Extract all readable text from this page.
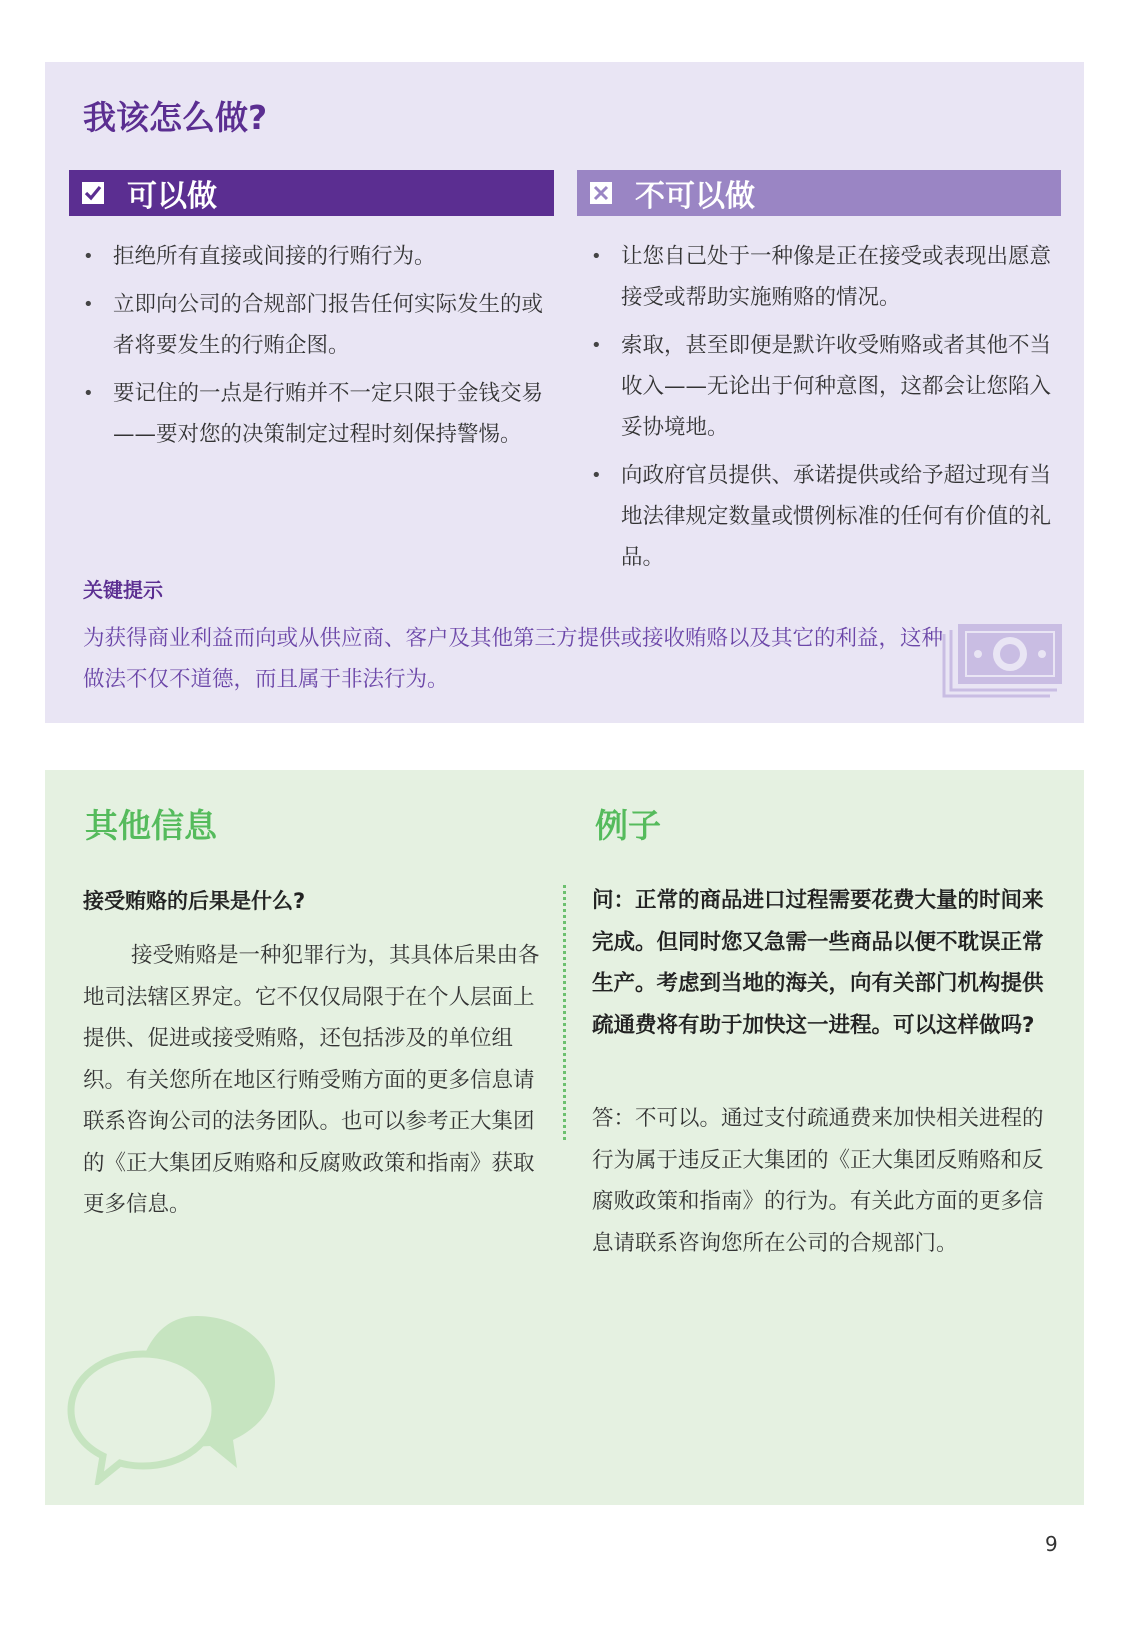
我该怎么做?
可以做	不可以做
• 拒绝所有直接或间接的行贿行为。
• 立即向公司的合规部门报告任何实际发生的或者将要发生的行贿企图。
• 要记住的一点是行贿并不一定只限于金钱交易——要对您的决策制定过程时刻保持警惕。
• 让您自己处于一种像是正在接受或表现出愿意接受或帮助实施贿赂的情况。
• 索取，甚至即便是默许收受贿赂或者其他不当收入——无论出于何种意图，这都会让您陷入妥协境地。
• 向政府官员提供、承诺提供或给予超过现有当地法律规定数量或惯例标准的任何有价值的礼品。
关键提示

为获得商业利益而向或从供应商、客户及其他第三方提供或接收贿赂以及其它的利益，这种做法不仅不道德，而且属于非法行为。

其他信息	例子
接受贿赂的后果是什么?

接受贿赂是一种犯罪行为，其具体后果由各地司法辖区界定。它不仅仅局限于在个人层面上提供、促进或接受贿赂，还包括涉及的单位组织。有关您所在地区行贿受贿方面的更多信息请联系咨询公司的法务团队。也可以参考正大集团的《正大集团反贿赂和反腐败政策和指南》获取更多信息。

问：正常的商品进口过程需要花费大量的时间来完成。但同时您又急需一些商品以便不耽误正常生产。考虑到当地的海关，向有关部门机构提供疏通费将有助于加快这一进程。可以这样做吗?

答：不可以。通过支付疏通费来加快相关进程的行为属于违反正大集团的《正大集团反贿赂和反腐败政策和指南》的行为。有关此方面的更多信息请联系咨询您所在公司的合规部门。

9
